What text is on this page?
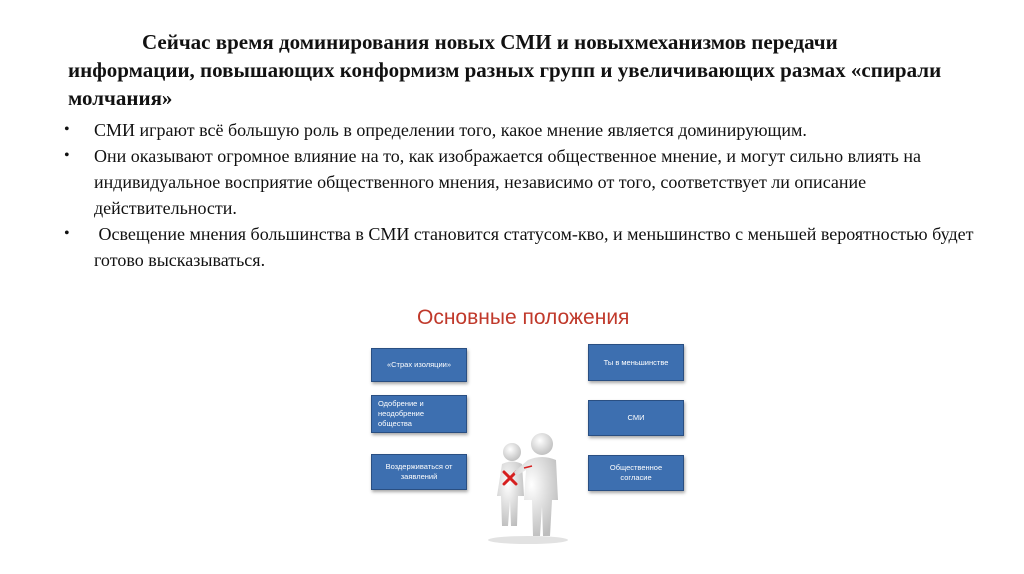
Сейчас время доминирования новых СМИ и новыхмеханизмов передачи информации, повышающих конформизм разных групп и увеличивающих размах «спирали молчания»
• СМИ играют всё большую роль в определении того, какое мнение является доминирующим.
• Они оказывают огромное влияние на то, как изображается общественное мнение, и могут сильно влиять на индивидуальное восприятие общественного мнения, независимо от того, соответствует ли описание действительности.
• Освещение мнения большинства в СМИ становится статусом-кво, и меньшинство с меньшей вероятностью будет готово высказываться.
Основные положения
«Страх изоляции»
Одобрение и неодобрение общества
Воздерживаться от заявлений
Ты в меньшинстве
СМИ
Общественное согласие
